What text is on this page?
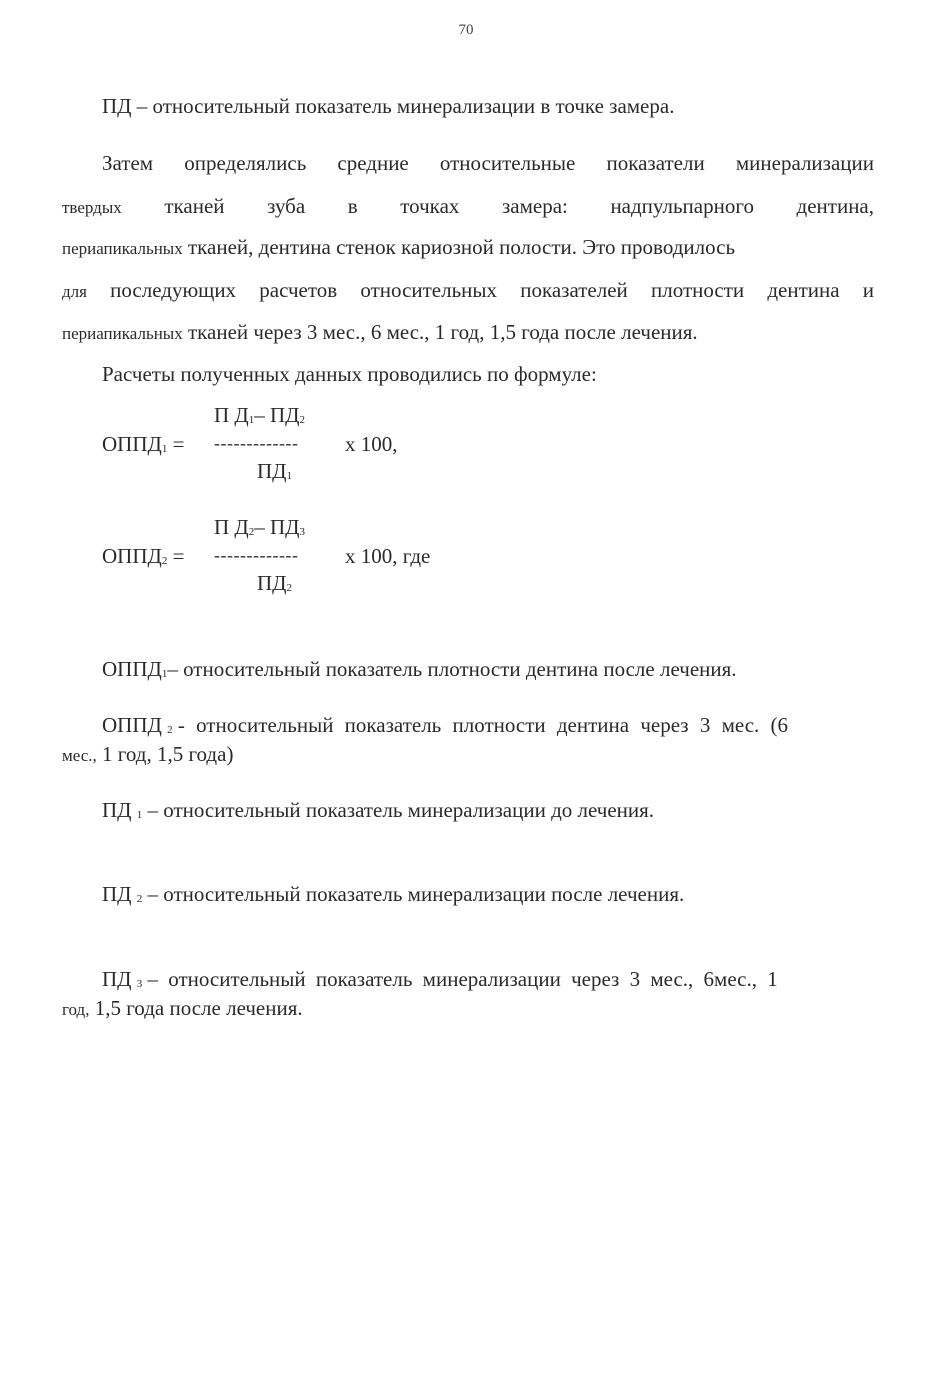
70
ПД – относительный показатель минерализации в точке замера.
Затем определялись средние относительные показатели минерализации
твердых тканей зуба в точках замера: надпульпарного дентина,
периапикальных тканей, дентина стенок кариозной полости. Это проводилось
для последующих расчетов относительных показателей плотности дентина и
периапикальных тканей через 3 мес., 6 мес., 1 год, 1,5 года после лечения.
Расчеты полученных данных проводились по формуле:
П Д1– ПД2
ОППД1 = ------------- х 100,
ПД1
П Д2– ПД3
ОППД2 = ------------- х 100, где
ПД2
ОППД1– относительный показатель плотности дентина после лечения.
ОППД 2 - относительный показатель плотности дентина через 3 мес. (6
мес., 1 год, 1,5 года)
ПД 1 – относительный показатель минерализации до лечения.
ПД 2 – относительный показатель минерализации после лечения.
ПД 3 – относительный показатель минерализации через 3 мес., 6мес., 1
год, 1,5 года после лечения.
